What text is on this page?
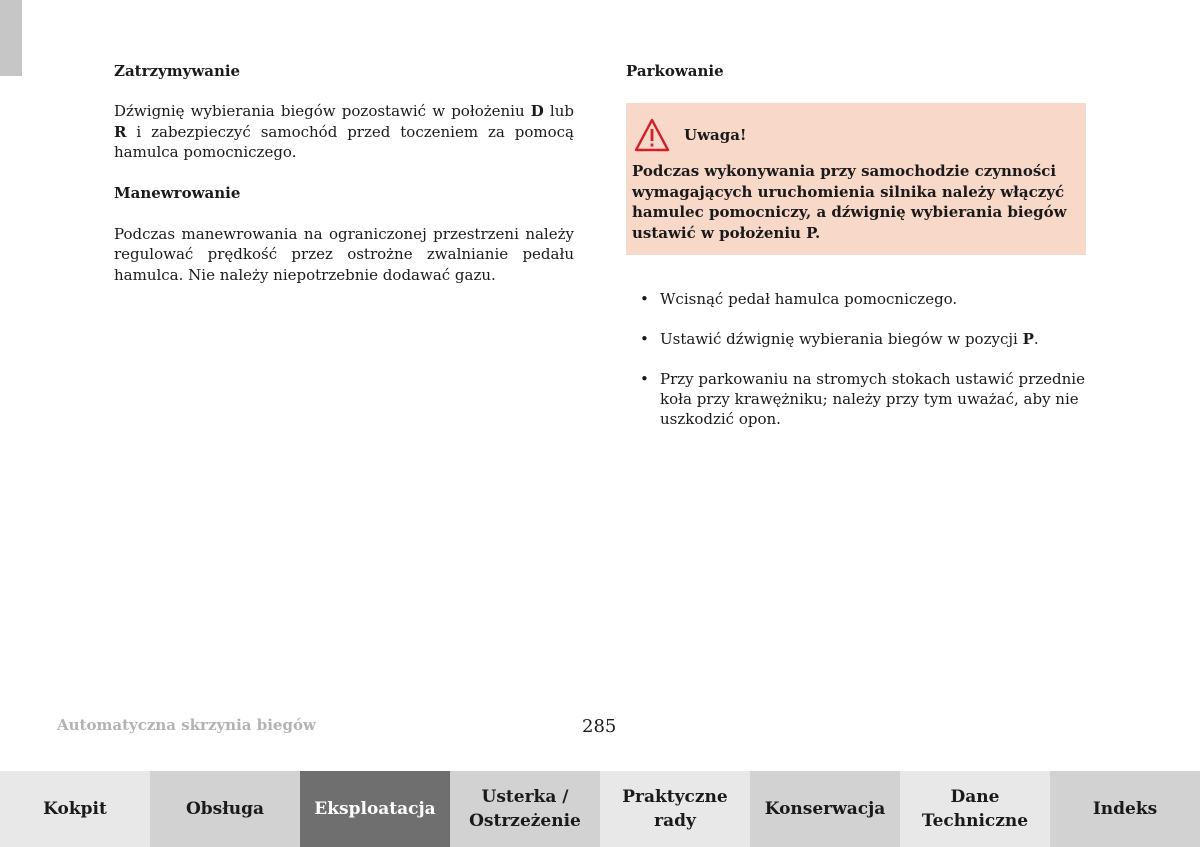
Zatrzymywanie

Dźwignię wybierania biegów pozostawić w położeniu D lub R i zabezpieczyć samochód przed toczeniem za pomocą hamulca pomocniczego.

Manewrowanie

Podczas manewrowania na ograniczonej przestrzeni należy regulować prędkość przez ostrożne zwalnianie pedału hamulca. Nie należy niepotrzebnie dodawać gazu.

Parkowanie
Uwaga!
Podczas wykonywania przy samochodzie czynności wymagających uruchomienia silnika należy włączyć hamulec pomocniczy, a dźwignię wybierania biegów ustawić w położeniu P.
• Wcisnąć pedał hamulca pomocniczego.
• Ustawić dźwignię wybierania biegów w pozycji P.
• Przy parkowaniu na stromych stokach ustawić przednie koła przy krawężniku; należy przy tym uważać, aby nie uszkodzić opon.
Automatyczna skrzynia biegów	285
Kokpit	Obsługa	Eksploatacja
Usterka /
Ostrzeżenie
Praktyczne
rady
Konserwacja
Dane
Techniczne
Indeks
